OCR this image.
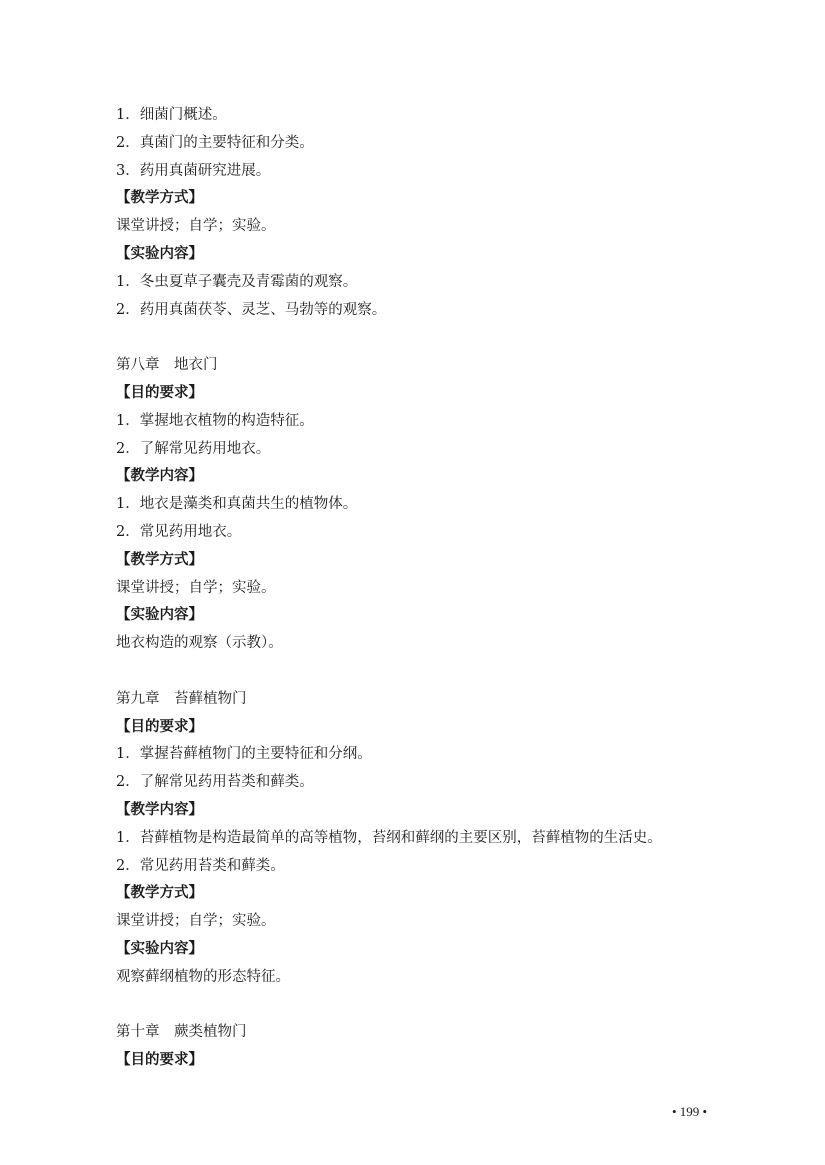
1．细菌门概述。
2．真菌门的主要特征和分类。
3．药用真菌研究进展。
【教学方式】
课堂讲授；自学；实验。
【实验内容】
1．冬虫夏草子囊壳及青霉菌的观察。
2．药用真菌茯苓、灵芝、马勃等的观察。
第八章　地衣门
【目的要求】
1．掌握地衣植物的构造特征。
2．了解常见药用地衣。
【教学内容】
1．地衣是藻类和真菌共生的植物体。
2．常见药用地衣。
【教学方式】
课堂讲授；自学；实验。
【实验内容】
地衣构造的观察（示教）。
第九章　苔藓植物门
【目的要求】
1．掌握苔藓植物门的主要特征和分纲。
2．了解常见药用苔类和藓类。
【教学内容】
1．苔藓植物是构造最简单的高等植物，苔纲和藓纲的主要区别，苔藓植物的生活史。
2．常见药用苔类和藓类。
【教学方式】
课堂讲授；自学；实验。
【实验内容】
观察藓纲植物的形态特征。
第十章　蕨类植物门
【目的要求】
• 199 •
